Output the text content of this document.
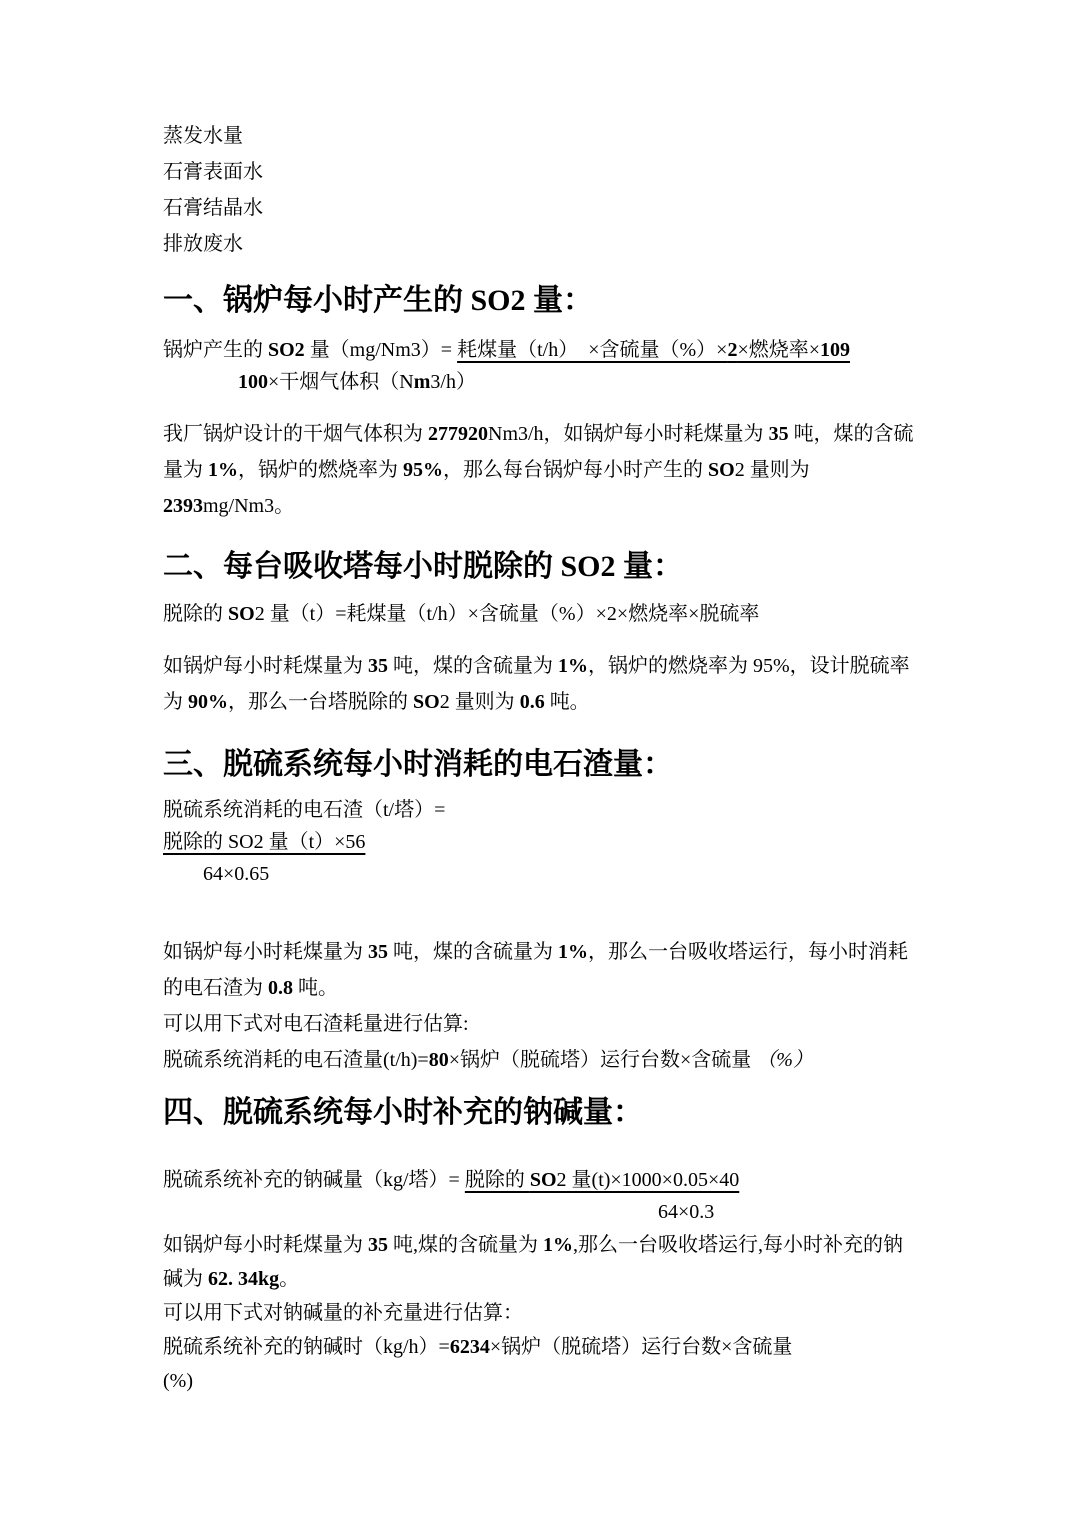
蒸发水量
石膏表面水
石膏结晶水
排放废水
一、锅炉每小时产生的 SO2 量：
锅炉产生的 SO2 量（mg/Nm3）= 耗煤量（t/h）　×含硫量（%）×2×燃烧率×109
100×干烟气体积（Nm3/h）

我厂锅炉设计的干烟气体积为 277920Nm3/h，如锅炉每小时耗煤量为 35 吨，煤的含硫量为 1%，锅炉的燃烧率为 95%，那么每台锅炉每小时产生的 SO2 量则为 2393mg/Nm3。

二、每台吸收塔每小时脱除的 SO2 量：
脱除的 SO2 量（t）=耗煤量（t/h）×含硫量（%）×2×燃烧率×脱硫率

如锅炉每小时耗煤量为 35 吨，煤的含硫量为 1%，锅炉的燃烧率为 95%，设计脱硫率为 90%，那么一台塔脱除的 SO2 量则为 0.6 吨。

三、脱硫系统每小时消耗的电石渣量：
脱硫系统消耗的电石渣（t/塔）=
脱除的 SO2 量（t）×56
64×0.65

如锅炉每小时耗煤量为 35 吨，煤的含硫量为 1%，那么一台吸收塔运行，每小时消耗的电石渣为 0.8 吨。

可以用下式对电石渣耗量进行估算:
脱硫系统消耗的电石渣量(t/h)=80×锅炉（脱硫塔）运行台数×含硫量 （%）
四、脱硫系统每小时补充的钠碱量：
脱硫系统补充的钠碱量（kg/塔）= 脱除的 SO2 量(t)×1000×0.05×40
64×0.3

如锅炉每小时耗煤量为 35 吨,煤的含硫量为 1%,那么一台吸收塔运行,每小时补充的钠碱为 62. 34kg。

可以用下式对钠碱量的补充量进行估算：
脱硫系统补充的钠碱时（kg/h）=6234×锅炉（脱硫塔）运行台数×含硫量
(%)
